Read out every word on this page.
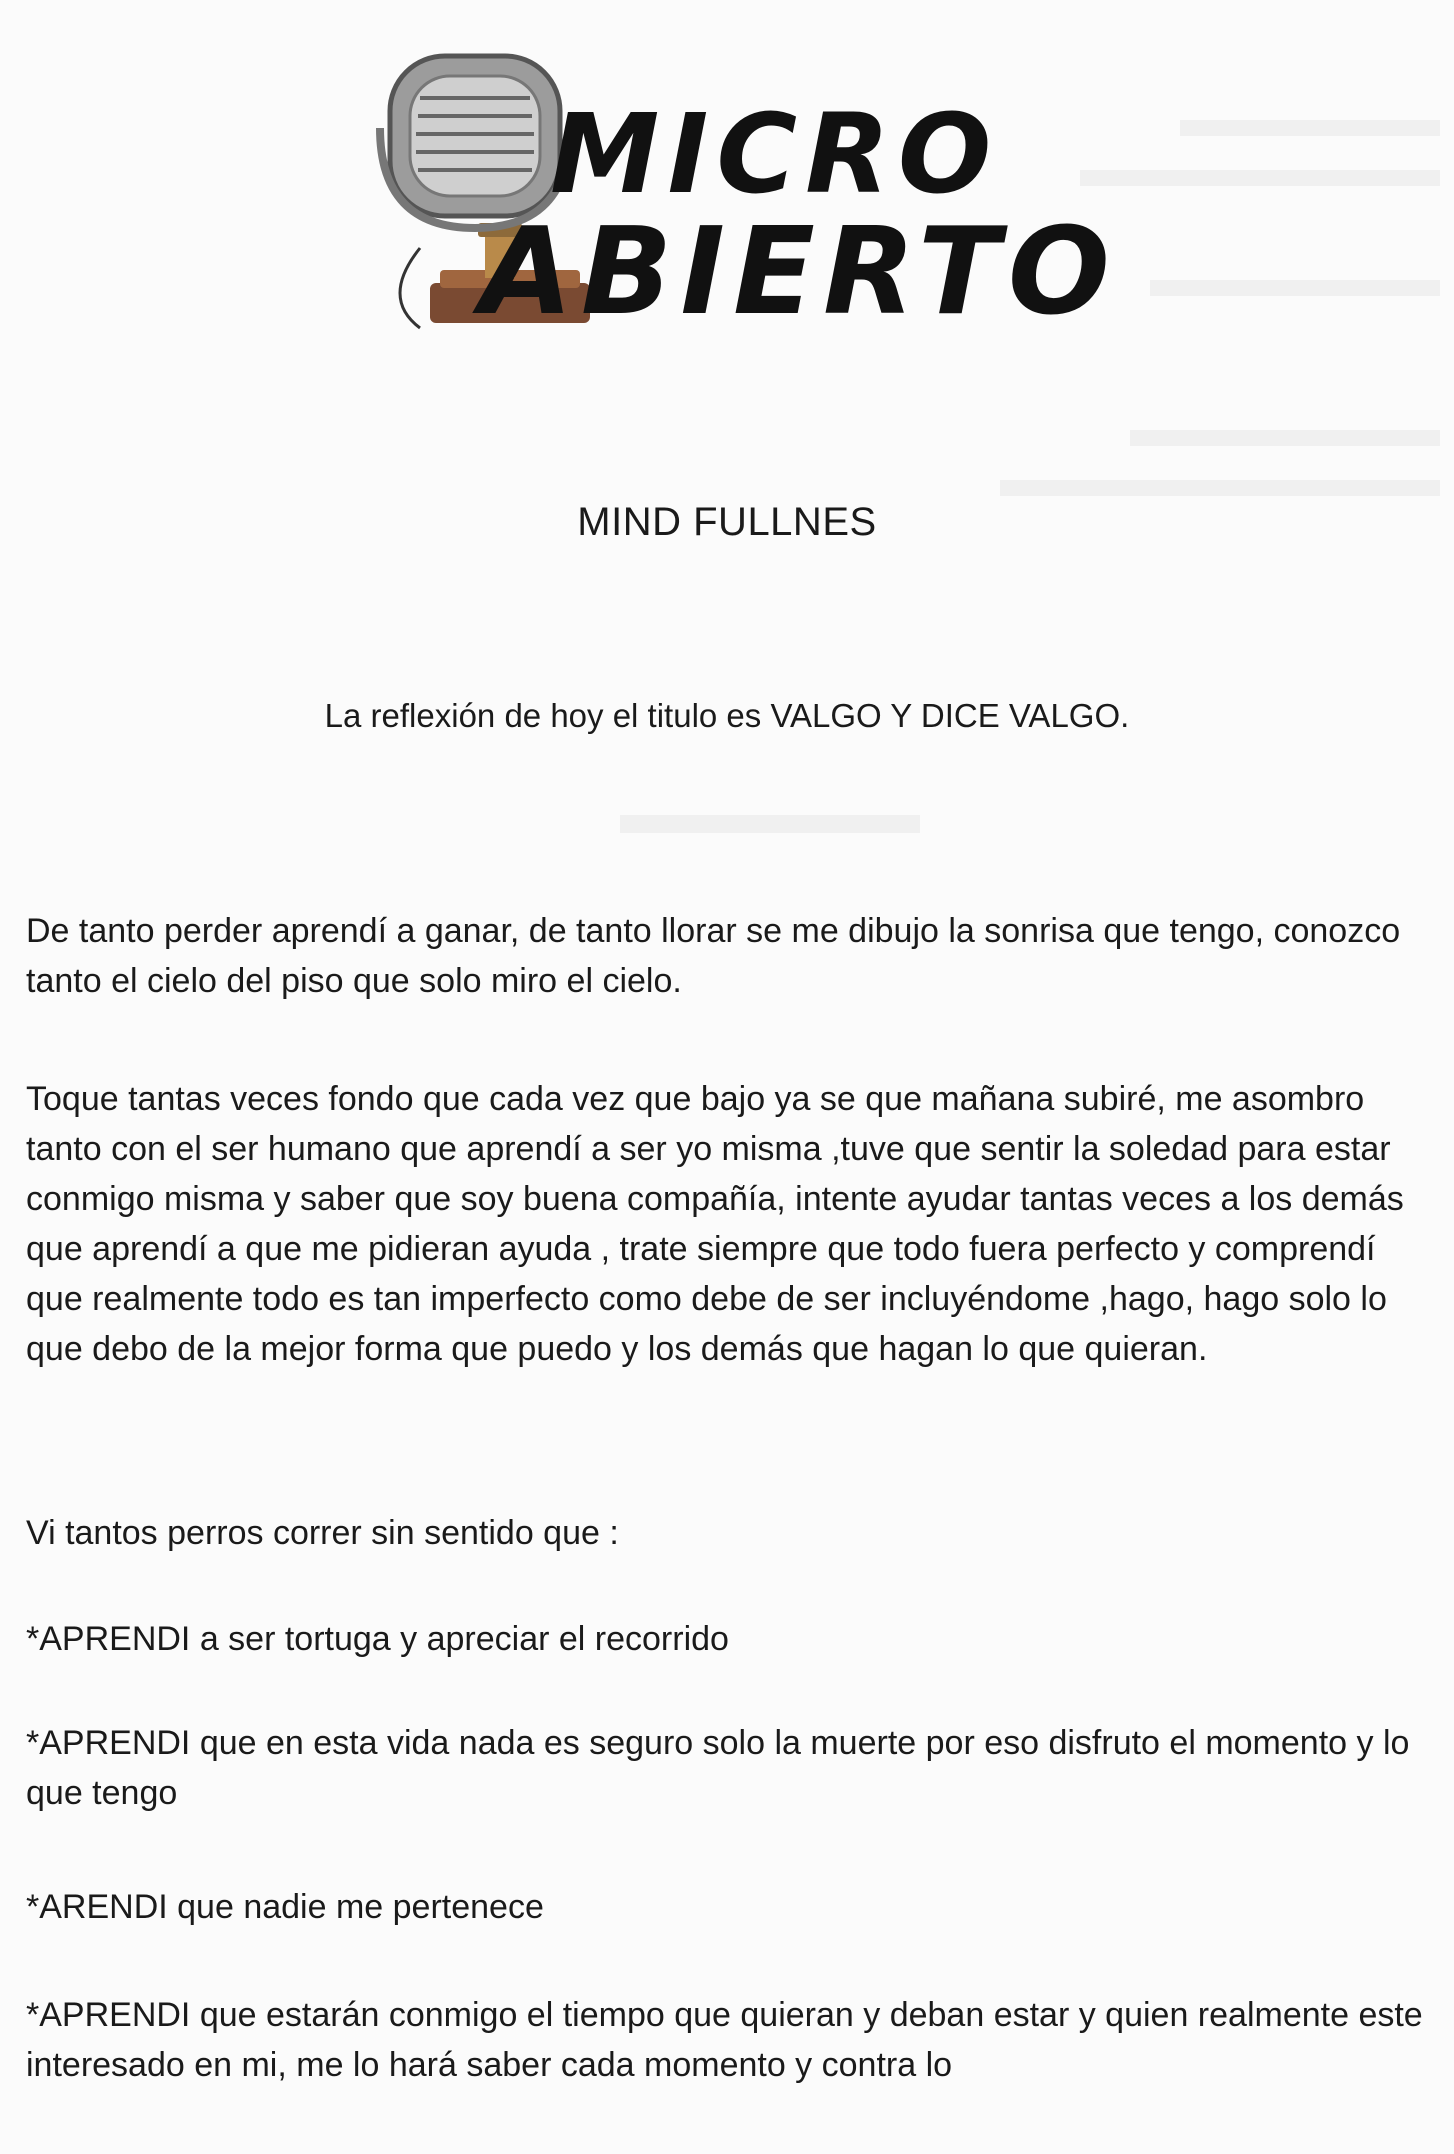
MICRO
ABIERTO
MIND FULLNES
La reflexión de hoy el titulo es VALGO Y DICE VALGO.

De tanto perder aprendí a ganar, de tanto llorar se me dibujo la sonrisa que tengo, conozco tanto el cielo del piso que solo miro el cielo.

Toque tantas veces fondo que cada vez que bajo ya se que mañana subiré, me asombro tanto con el ser humano que aprendí a ser yo misma ,tuve que sentir la soledad para estar conmigo misma y saber que soy buena compañía, intente ayudar tantas veces a los demás que aprendí a que me pidieran ayuda , trate siempre que todo fuera perfecto y comprendí que realmente todo es tan imperfecto como debe de ser incluyéndome ,hago, hago solo lo que debo de la mejor forma que puedo y los demás que hagan lo que quieran.

Vi tantos perros correr sin sentido que :

*APRENDI a ser tortuga y apreciar el recorrido

*APRENDI que en esta vida nada es seguro solo la muerte por eso disfruto el momento y lo que tengo

*ARENDI que nadie me pertenece

*APRENDI que estarán conmigo el tiempo que quieran y deban estar y quien realmente este interesado en mi, me lo hará saber cada momento y contra lo
